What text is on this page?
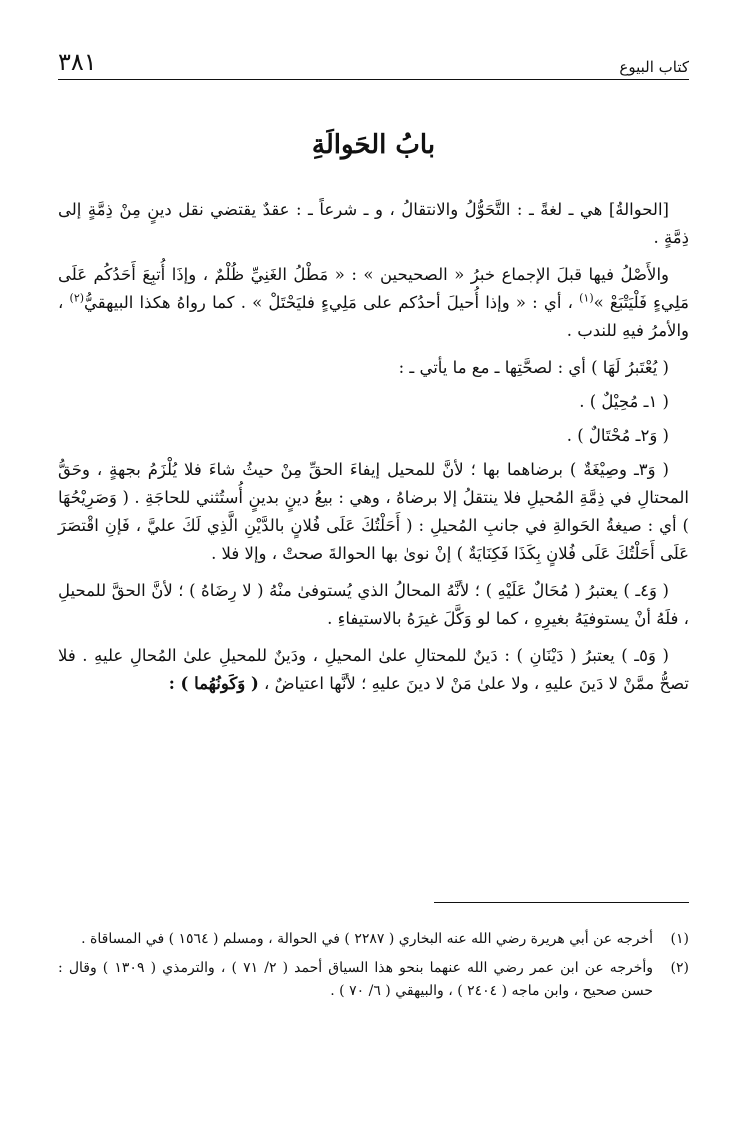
كتاب البيوع
٣٨١
بابُ الحَوالَةِ

[الحوالةُ] هي ـ لغةً ـ : التَّحَوُّلُ والانتقالُ ، و ـ شرعاً ـ : عقدٌ يقتضي نقل دينٍ مِنْ ذِمَّةٍ إلى ذِمَّةٍ .

والأَصْلُ فيها قبلَ الإجماع خبرُ « الصحيحين » : « مَطْلُ الغَنِيِّ ظُلْمٌ ، وإذَا أُتبِعَ أَحَدُكُم عَلَى مَلِيءٍ فَلْيَتْبَعْ »$^{(١)}$ ، أي : « وإذا أُحيلَ أحدُكم على مَلِيءٍ فليَحْتَلْ » . كما رواهُ هكذا البيهقيُّ$^{(٢)}$ ، والأمرُ فيهِ للندب .

( يُعْتَبرُ لَهَا ) أي : لصحَّتِها ـ مع ما يأتي ـ :

( ١ـ مُحِيْلٌ ) .

( وَ٢ـ مُحْتَالٌ ) .

( وَ٣ـ وصِيْغَةٌ ) برضاهما بها ؛ لأنَّ للمحيل إيفاءَ الحقِّ مِنْ حيثُ شاءَ فلا يُلْزَمُ بجهةٍ ، وحَقُّ المحتالِ في ذِمَّةِ المُحيلِ فلا ينتقلُ إلا برضاهُ ، وهي : بيعُ دينٍ بدينٍ أُستُثني للحاجَةِ . ( وَصَرِيْحُهَا ) أي : صيغةُ الحَوالةِ في جانبِ المُحيلِ : ( أَحَلْتُكَ عَلَى فُلانٍ بالدَّيْنِ الَّذِي لَكَ عليَّ ، فَإنِ اقْتصَرَ عَلَى أَحَلْتُكَ عَلَى فُلانٍ بِكَذَا فَكِنَايَةٌ ) إنْ نوىٰ بها الحوالةَ صحتْ ، وإلا فلا .

( وَ٤ـ ) يعتبرُ ( مُحَالٌ عَلَيْهِ ) ؛ لأنَّهُ المحالُ الذي يُستوفىٰ منْهُ ( لا رِضَاهُ ) ؛ لأنَّ الحقَّ للمحيلِ ، فلَهُ أنْ يستوفيَهُ بغيرِهِ ، كما لو وَكَّلَ غيرَهُ بالاستيفاءِ .

( وَ٥ـ ) يعتبرُ ( دَيْنَانِ ) : دَينٌ للمحتالِ علىٰ المحيلِ ، ودَينٌ للمحيلِ علىٰ المُحالِ عليهِ . فلا تصحُّ ممَّنْ لا دَينَ عليهِ ، ولا علىٰ مَنْ لا دينَ عليهِ ؛ لأنَّها اعتياضٌ ، ( وَكَونُهُما ) :

(١)
أخرجه عن أبي هريرة رضي الله عنه البخاري ( ٢٢٨٧ ) في الحوالة ، ومسلم ( ١٥٦٤ ) في المساقاة .
(٢)
وأخرجه عن ابن عمر رضي الله عنهما بنحو هذا السياق أحمد ( ٢/ ٧١ ) ، والترمذي ( ١٣٠٩ ) وقال : حسن صحيح ، وابن ماجه ( ٢٤٠٤ ) ، والبيهقي ( ٦/ ٧٠ ) .
